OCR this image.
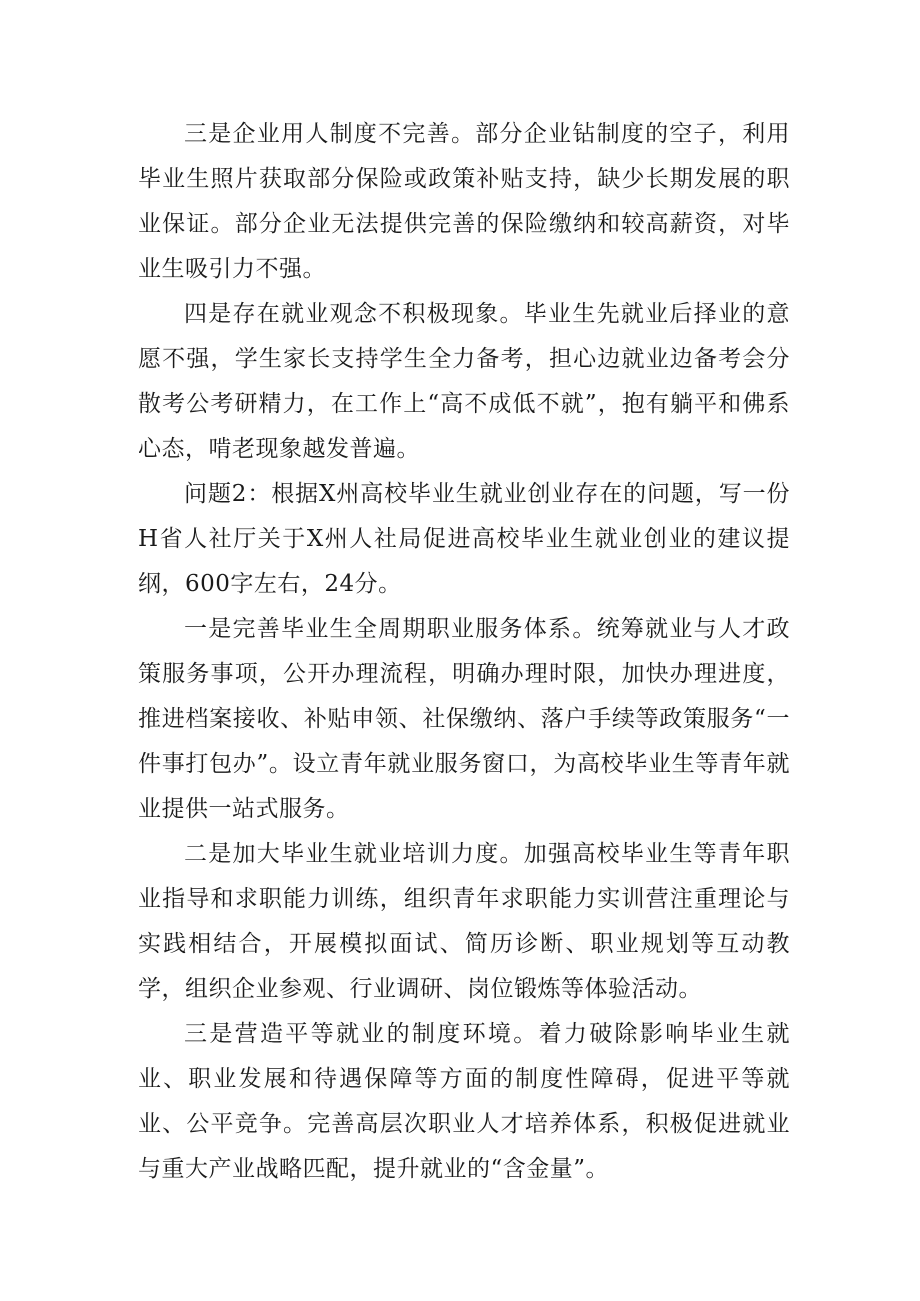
三是企业用人制度不完善。部分企业钻制度的空子，利用毕业生照片获取部分保险或政策补贴支持，缺少长期发展的职业保证。部分企业无法提供完善的保险缴纳和较高薪资，对毕业生吸引力不强。

四是存在就业观念不积极现象。毕业生先就业后择业的意愿不强，学生家长支持学生全力备考，担心边就业边备考会分散考公考研精力，在工作上“高不成低不就”，抱有躺平和佛系心态，啃老现象越发普遍。

问题2：根据X州高校毕业生就业创业存在的问题，写一份H省人社厅关于X州人社局促进高校毕业生就业创业的建议提纲，600字左右，24分。

一是完善毕业生全周期职业服务体系。统筹就业与人才政策服务事项，公开办理流程，明确办理时限，加快办理进度，推进档案接收、补贴申领、社保缴纳、落户手续等政策服务“一件事打包办”。设立青年就业服务窗口，为高校毕业生等青年就业提供一站式服务。

二是加大毕业生就业培训力度。加强高校毕业生等青年职业指导和求职能力训练，组织青年求职能力实训营注重理论与实践相结合，开展模拟面试、简历诊断、职业规划等互动教学，组织企业参观、行业调研、岗位锻炼等体验活动。

三是营造平等就业的制度环境。着力破除影响毕业生就业、职业发展和待遇保障等方面的制度性障碍，促进平等就业、公平竞争。完善高层次职业人才培养体系，积极促进就业与重大产业战略匹配，提升就业的“含金量”。
